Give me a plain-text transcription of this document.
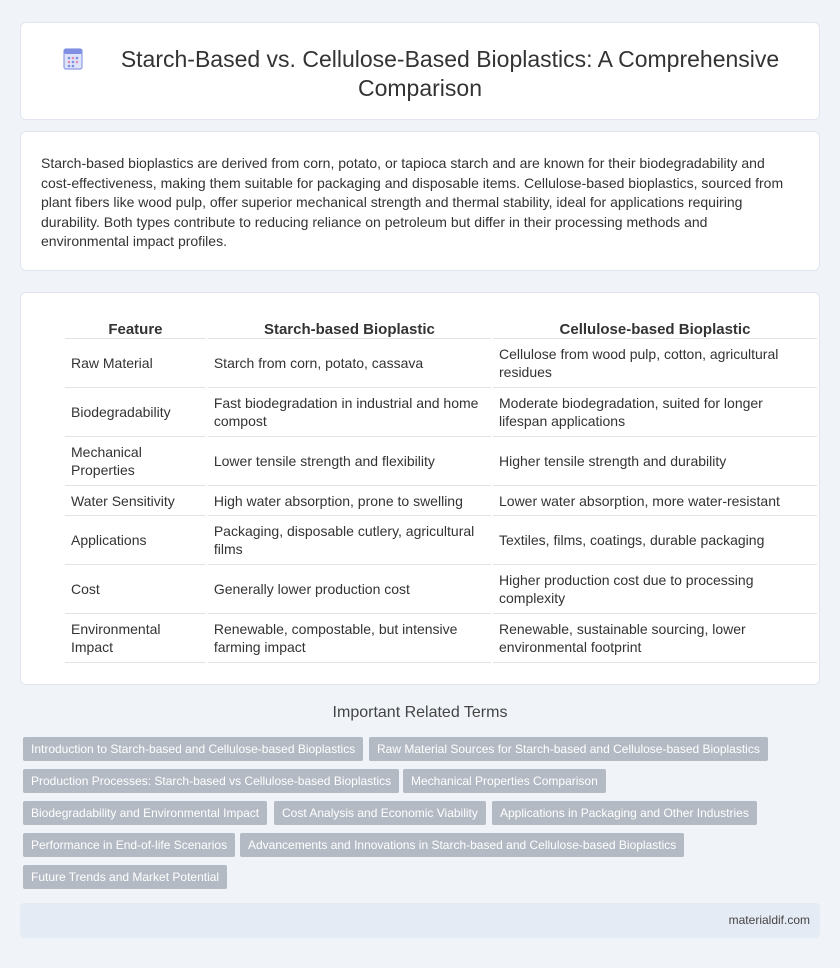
Starch-Based vs. Cellulose-Based Bioplastics: A Comprehensive
Comparison

Starch-based bioplastics are derived from corn, potato, or tapioca starch and are known for their biodegradability and cost-effectiveness, making them suitable for packaging and disposable items. Cellulose-based bioplastics, sourced from plant fibers like wood pulp, offer superior mechanical strength and thermal stability, ideal for applications requiring durability. Both types contribute to reducing reliance on petroleum but differ in their processing methods and environmental impact profiles.

Feature	Starch-based Bioplastic	Cellulose-based Bioplastic
Raw Material	Starch from corn, potato, cassava	Cellulose from wood pulp, cotton, agricultural residues
Biodegradability	Fast biodegradation in industrial and home compost	Moderate biodegradation, suited for longer lifespan applications
Mechanical Properties	Lower tensile strength and flexibility	Higher tensile strength and durability
Water Sensitivity	High water absorption, prone to swelling	Lower water absorption, more water-resistant
Applications	Packaging, disposable cutlery, agricultural films	Textiles, films, coatings, durable packaging
Cost	Generally lower production cost	Higher production cost due to processing complexity
Environmental Impact	Renewable, compostable, but intensive farming impact	Renewable, sustainable sourcing, lower environmental footprint
Important Related Terms
Introduction to Starch-based and Cellulose-based Bioplastics	Raw Material Sources for Starch-based and Cellulose-based Bioplastics
Production Processes: Starch-based vs Cellulose-based Bioplastics	Mechanical Properties Comparison
Biodegradability and Environmental Impact	Cost Analysis and Economic Viability	Applications in Packaging and Other Industries
Performance in End-of-life Scenarios	Advancements and Innovations in Starch-based and Cellulose-based Bioplastics
Future Trends and Market Potential
materialdif.com
